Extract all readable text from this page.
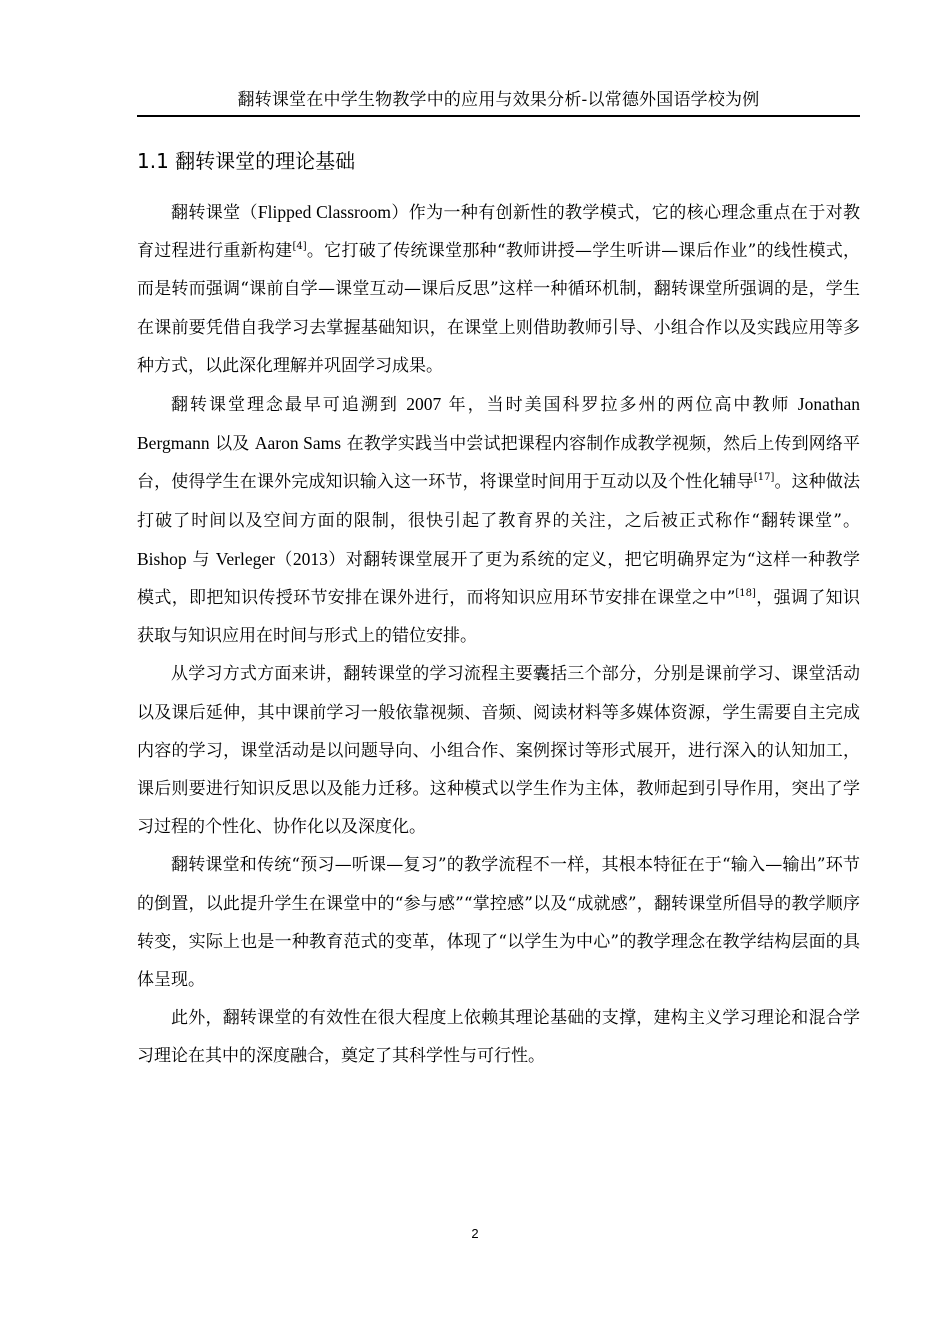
翻转课堂在中学生物教学中的应用与效果分析-以常德外国语学校为例
1.1 翻转课堂的理论基础

翻转课堂（Flipped Classroom）作为一种有创新性的教学模式，它的核心理念重点在于对教育过程进行重新构建[4]。它打破了传统课堂那种“教师讲授—学生听讲—课后作业”的线性模式，而是转而强调“课前自学—课堂互动—课后反思”这样一种循环机制，翻转课堂所强调的是，学生在课前要凭借自我学习去掌握基础知识，在课堂上则借助教师引导、小组合作以及实践应用等多种方式，以此深化理解并巩固学习成果。

翻转课堂理念最早可追溯到 2007 年，当时美国科罗拉多州的两位高中教师 Jonathan Bergmann 以及 Aaron Sams 在教学实践当中尝试把课程内容制作成教学视频，然后上传到网络平台，使得学生在课外完成知识输入这一环节，将课堂时间用于互动以及个性化辅导[17]。这种做法打破了时间以及空间方面的限制，很快引起了教育界的关注，之后被正式称作“翻转课堂”。Bishop 与 Verleger（2013）对翻转课堂展开了更为系统的定义，把它明确界定为“这样一种教学模式，即把知识传授环节安排在课外进行，而将知识应用环节安排在课堂之中”[18]，强调了知识获取与知识应用在时间与形式上的错位安排。

从学习方式方面来讲，翻转课堂的学习流程主要囊括三个部分，分别是课前学习、课堂活动以及课后延伸，其中课前学习一般依靠视频、音频、阅读材料等多媒体资源，学生需要自主完成内容的学习，课堂活动是以问题导向、小组合作、案例探讨等形式展开，进行深入的认知加工，课后则要进行知识反思以及能力迁移。这种模式以学生作为主体，教师起到引导作用，突出了学习过程的个性化、协作化以及深度化。

翻转课堂和传统“预习—听课—复习”的教学流程不一样，其根本特征在于“输入—输出”环节的倒置，以此提升学生在课堂中的“参与感”“掌控感”以及“成就感”，翻转课堂所倡导的教学顺序转变，实际上也是一种教育范式的变革，体现了“以学生为中心”的教学理念在教学结构层面的具体呈现。

此外，翻转课堂的有效性在很大程度上依赖其理论基础的支撑，建构主义学习理论和混合学习理论在其中的深度融合，奠定了其科学性与可行性。

2
